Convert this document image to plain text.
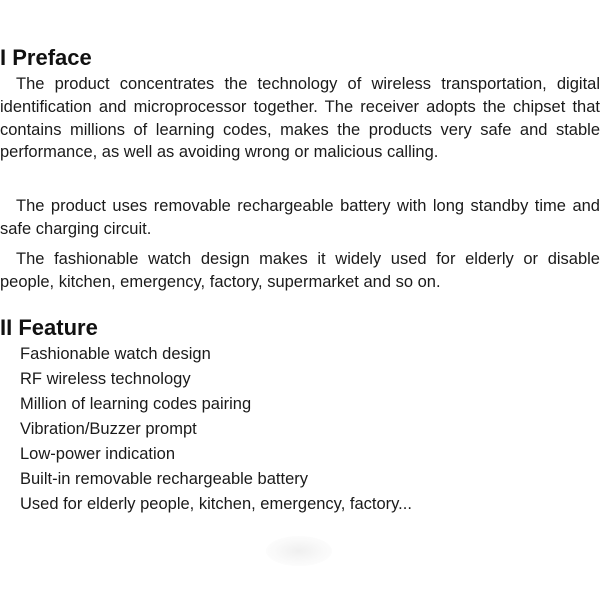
I Preface

The product concentrates the technology of wireless transportation, digital identification and microprocessor together. The receiver adopts the chipset that contains millions of learning codes, makes the products very safe and stable performance, as well as avoiding wrong or malicious calling.

The product uses removable rechargeable battery with long standby time and safe charging circuit.

The fashionable watch design makes it widely used for elderly or disable people, kitchen, emergency, factory, supermarket and so on.

II Feature
Fashionable watch design
RF wireless technology
Million of learning codes pairing
Vibration/Buzzer prompt
Low-power indication
Built-in removable rechargeable battery
Used for elderly people, kitchen, emergency, factory...
